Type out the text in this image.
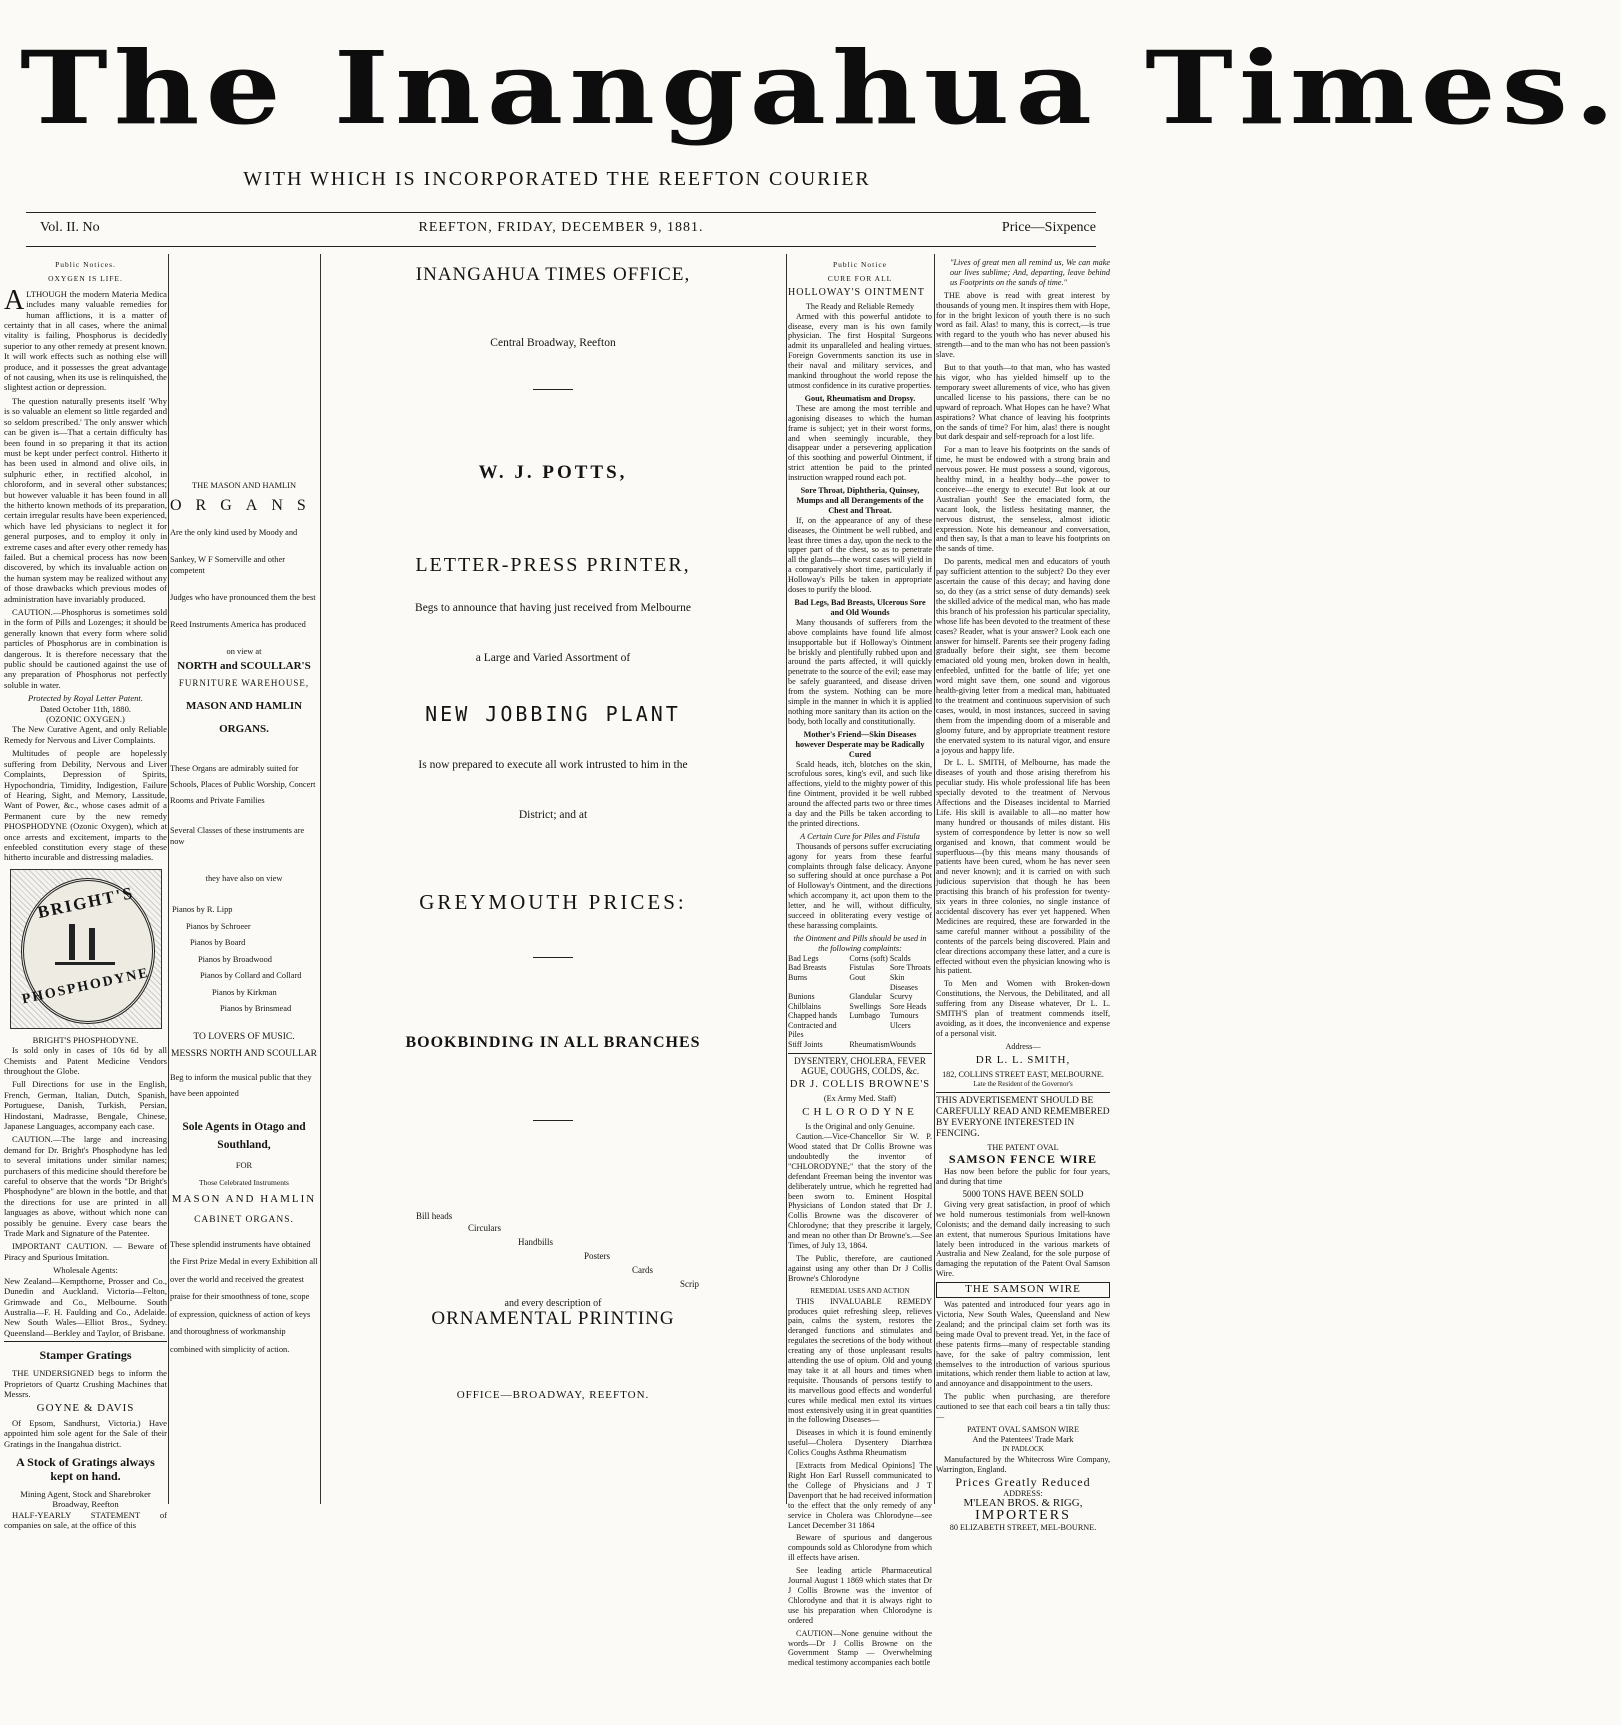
The Inangahua Times.
WITH WHICH IS INCORPORATED THE REEFTON COURIER
Vol. II. No	REEFTON, FRIDAY, DECEMBER 9, 1881.	Price—Sixpence
Public Notices.
OXYGEN IS LIFE.

ALTHOUGH the modern Materia Medica includes many valuable remedies for human afflictions, it is a matter of certainty that in all cases, where the animal vitality is failing, Phosphorus is decidedly superior to any other remedy at present known. It will work effects such as nothing else will produce, and it possesses the great advantage of not causing, when its use is relinquished, the slightest action or depression.

The question naturally presents itself 'Why is so valuable an element so little regarded and so seldom prescribed.' The only answer which can be given is—That a certain difficulty has been found in so preparing it that its action must be kept under perfect control. Hitherto it has been used in almond and olive oils, in sulphuric ether, in rectified alcohol, in chloroform, and in several other substances; but however valuable it has been found in all the hitherto known methods of its preparation, certain irregular results have been experienced, which have led physicians to neglect it for general purposes, and to employ it only in extreme cases and after every other remedy has failed. But a chemical process has now been discovered, by which its invaluable action on the human system may be realized without any of those drawbacks which previous modes of administration have invariably produced.

CAUTION.—Phosphorus is sometimes sold in the form of Pills and Lozenges; it should be generally known that every form where solid particles of Phosphorus are in combination is dangerous. It is therefore necessary that the public should be cautioned against the use of any preparation of Phosphorus not perfectly soluble in water.

Protected by Royal Letter Patent.
Dated October 11th, 1880.
(OZONIC OXYGEN.)

The New Curative Agent, and only Reliable Remedy for Nervous and Liver Complaints.

Multitudes of people are hopelessly suffering from Debility, Nervous and Liver Complaints, Depression of Spirits, Hypochondria, Timidity, Indigestion, Failure of Hearing, Sight, and Memory, Lassitude, Want of Power, &c., whose cases admit of a Permanent cure by the new remedy PHOSPHODYNE (Ozonic Oxygen), which at once arrests and excitement, imparts to the enfeebled constitution every stage of these hitherto incurable and distressing maladies.

BRIGHT'S
PHOSPHODYNE
BRIGHT'S PHOSPHODYNE.

Is sold only in cases of 10s 6d by all Chemists and Patent Medicine Vendors throughout the Globe.

Full Directions for use in the English, French, German, Italian, Dutch, Spanish, Portuguese, Danish, Turkish, Persian, Hindostani, Madrasse, Bengale, Chinese, Japanese Languages, accompany each case.

CAUTION.—The large and increasing demand for Dr. Bright's Phosphodyne has led to several imitations under similar names; purchasers of this medicine should therefore be careful to observe that the words "Dr Bright's Phosphodyne" are blown in the bottle, and that the directions for use are printed in all languages as above, without which none can possibly be genuine. Every case bears the Trade Mark and Signature of the Patentee.

IMPORTANT CAUTION. — Beware of Piracy and Spurious Imitation.

Wholesale Agents:

New Zealand—Kempthorne, Prosser and Co., Dunedin and Auckland. Victoria—Felton, Grimwade and Co., Melbourne. South Australia—F. H. Faulding and Co., Adelaide. New South Wales—Elliot Bros., Sydney. Queensland—Berkley and Taylor, of Brisbane.

Stamper Gratings

THE UNDERSIGNED begs to inform the Proprietors of Quartz Crushing Machines that Messrs.

GOYNE & DAVIS

Of Epsom, Sandhurst, Victoria.) Have appointed him sole agent for the Sale of their Gratings in the Inangahua district.

A Stock of Gratings always kept on hand.
Mining Agent, Stock and Sharebroker Broadway, Reefton

HALF-YEARLY STATEMENT of companies on sale, at the office of this

THE MASON AND HAMLIN
ORGANS
Are the only kind used by Moody and
Sankey, W F Somerville and other competent
Judges who have pronounced them the best
Reed Instruments America has produced
on view at
NORTH and SCOULLAR'S
FURNITURE WAREHOUSE,
MASON AND HAMLIN
ORGANS.
These Organs are admirably suited for Schools, Places of Public Worship, Concert Rooms and Private Families
Several Classes of these instruments are now
they have also on view
Pianos by R. Lipp
Pianos by Schroeer
Pianos by Board
Pianos by Broadwood
Pianos by Collard and Collard
Pianos by Kirkman
Pianos by Brinsmead
TO LOVERS OF MUSIC.
MESSRS NORTH AND SCOULLAR
Beg to inform the musical public that they have been appointed
Sole Agents in Otago and Southland,
FOR
Those Celebrated Instruments
MASON AND HAMLIN
CABINET ORGANS.
These splendid instruments have obtained the First Prize Medal in every Exhibition all over the world and received the greatest praise for their smoothness of tone, scope of expression, quickness of action of keys and thoroughness of workmanship combined with simplicity of action.
INANGAHUA TIMES OFFICE,
Central Broadway, Reefton
W. J. POTTS,
LETTER-PRESS PRINTER,
Begs to announce that having just received from Melbourne
a Large and Varied Assortment of
NEW JOBBING PLANT
Is now prepared to execute all work intrusted to him in the
District; and at
GREYMOUTH PRICES:
BOOKBINDING IN ALL BRANCHES
Bill heads
Circulars
Handbills
Posters
Cards
Scrip
and every description of
ORNAMENTAL PRINTING
OFFICE—BROADWAY, REEFTON.
Public Notice
CURE FOR ALL
HOLLOWAY'S OINTMENT
The Ready and Reliable Remedy

Armed with this powerful antidote to disease, every man is his own family physician. The first Hospital Surgeons admit its unparalleled and healing virtues. Foreign Governments sanction its use in their naval and military services, and mankind throughout the world repose the utmost confidence in its curative properties.

Gout, Rheumatism and Dropsy.

These are among the most terrible and agonising diseases to which the human frame is subject; yet in their worst forms, and when seemingly incurable, they disappear under a persevering application of this soothing and powerful Ointment, if strict attention be paid to the printed instruction wrapped round each pot.

Sore Throat, Diphtheria, Quinsey, Mumps and all Derangements of the Chest and Throat.

If, on the appearance of any of these diseases, the Ointment be well rubbed, and least three times a day, upon the neck to the upper part of the chest, so as to penetrate all the glands—the worst cases will yield in a comparatively short time, particularly if Holloway's Pills be taken in appropriate doses to purify the blood.

Bad Legs, Bad Breasts, Ulcerous Sore and Old Wounds

Many thousands of sufferers from the above complaints have found life almost insupportable but if Holloway's Ointment be briskly and plentifully rubbed upon and around the parts affected, it will quickly penetrate to the source of the evil; ease may be safely guaranteed, and disease driven from the system. Nothing can be more simple in the manner in which it is applied nothing more sanitary than its action on the body, both locally and constitutionally.

Mother's Friend—Skin Diseases however Desperate may be Radically Cured

Scald heads, itch, blotches on the skin, scrofulous sores, king's evil, and such like affections, yield to the mighty power of this fine Ointment, provided it be well rubbed around the affected parts two or three times a day and the Pills be taken according to the printed directions.

A Certain Cure for Piles and Fistula

Thousands of persons suffer excruciating agony for years from these fearful complaints through false delicacy. Anyone so suffering should at once purchase a Pot of Holloway's Ointment, and the directions which accompany it, act upon them to the letter, and he will, without difficulty, succeed in obliterating every vestige of these harassing complaints.

the Ointment and Pills should be used in the following complaints:
Bad Legs	Corns (soft)	Scalds
Bad Breasts	Fistulas	Sore Throats
Burns	Gout	Skin Diseases
Bunions	Glandular	Scurvy
Chilblains	Swellings	Sore Heads
Chapped hands	Lumbago	Tumours
Contracted and Piles		Ulcers
Stiff Joints	Rheumatism	Wounds
DYSENTERY, CHOLERA, FEVER AGUE, COUGHS, COLDS, &c.
DR J. COLLIS BROWNE'S
(Ex Army Med. Staff)
CHLORODYNE
Is the Original and only Genuine.

Caution.—Vice-Chancellor Sir W. P. Wood stated that Dr Collis Browne was undoubtedly the inventor of "CHLORODYNE;" that the story of the defendant Freeman being the inventor was deliberately untrue, which he regretted had been sworn to. Eminent Hospital Physicians of London stated that Dr J. Collis Browne was the discoverer of Chlorodyne; that they prescribe it largely, and mean no other than Dr Browne's.—See Times, of July 13, 1864.

The Public, therefore, are cautioned against using any other than Dr J Collis Browne's Chlorodyne

REMEDIAL USES AND ACTION

THIS INVALUABLE REMEDY produces quiet refreshing sleep, relieves pain, calms the system, restores the deranged functions and stimulates and regulates the secretions of the body without creating any of those unpleasant results attending the use of opium. Old and young may take it at all hours and times when requisite. Thousands of persons testify to its marvellous good effects and wonderful cures while medical men extol its virtues most extensively using it in great quantities in the following Diseases—

Diseases in which it is found eminently useful—Cholera Dysentery Diarrhœa Colics Coughs Asthma Rheumatism

[Extracts from Medical Opinions] The Right Hon Earl Russell communicated to the College of Physicians and J T Davenport that he had received information to the effect that the only remedy of any service in Cholera was Chlorodyne—see Lancet December 31 1864

Beware of spurious and dangerous compounds sold as Chlorodyne from which ill effects have arisen.

See leading article Pharmaceutical Journal August 1 1869 which states that Dr J Collis Browne was the inventor of Chlorodyne and that it is always right to use his preparation when Chlorodyne is ordered

CAUTION—None genuine without the words—Dr J Collis Browne on the Government Stamp — Overwhelming medical testimony accompanies each bottle

"Lives of great men all remind us, We can make our lives sublime; And, departing, leave behind us Footprints on the sands of time."

THE above is read with great interest by thousands of young men. It inspires them with Hope, for in the bright lexicon of youth there is no such word as fail. Alas! to many, this is correct,—is true with regard to the youth who has never abused his strength—and to the man who has not been passion's slave.

But to that youth—to that man, who has wasted his vigor, who has yielded himself up to the temporary sweet allurements of vice, who has given uncalled license to his passions, there can be no upward of reproach. What Hopes can he have? What aspirations? What chance of leaving his footprints on the sands of time? For him, alas! there is nought but dark despair and self-reproach for a lost life.

For a man to leave his footprints on the sands of time, he must be endowed with a strong brain and nervous power. He must possess a sound, vigorous, healthy mind, in a healthy body—the power to conceive—the energy to execute! But look at our Australian youth! See the emaciated form, the vacant look, the listless hesitating manner, the nervous distrust, the senseless, almost idiotic expression. Note his demeanour and conversation, and then say, Is that a man to leave his footprints on the sands of time.

Do parents, medical men and educators of youth pay sufficient attention to the subject? Do they ever ascertain the cause of this decay; and having done so, do they (as a strict sense of duty demands) seek the skilled advice of the medical man, who has made this branch of his profession his particular speciality, whose life has been devoted to the treatment of these cases? Reader, what is your answer? Look each one answer for himself. Parents see their progeny fading gradually before their sight, see them become emaciated old young men, broken down in health, enfeebled, unfitted for the battle of life; yet one word might save them, one sound and vigorous health-giving letter from a medical man, habituated to the treatment and continuous supervision of such cases, would, in most instances, succeed in saving them from the impending doom of a miserable and gloomy future, and by appropriate treatment restore the enervated system to its natural vigor, and ensure a joyous and happy life.

Dr L. L. SMITH, of Melbourne, has made the diseases of youth and those arising therefrom his peculiar study. His whole professional life has been specially devoted to the treatment of Nervous Affections and the Diseases incidental to Married Life. His skill is available to all—no matter how many hundred or thousands of miles distant. His system of correspondence by letter is now so well organised and known, that comment would be superfluous—(by this means many thousands of patients have been cured, whom he has never seen and never known); and it is carried on with such judicious supervision that though he has been practising this branch of his profession for twenty-six years in three colonies, no single instance of accidental discovery has ever yet happened. When Medicines are required, these are forwarded in the same careful manner without a possibility of the contents of the parcels being discovered. Plain and clear directions accompany these latter, and a cure is effected without even the physician knowing who is his patient.

To Men and Women with Broken-down Constitutions, the Nervous, the Debilitated, and all suffering from any Disease whatever, Dr L. L. SMITH'S plan of treatment commends itself, avoiding, as it does, the inconvenience and expense of a personal visit.

Address—
DR L. L. SMITH,
182, COLLINS STREET EAST, MELBOURNE.
Late the Resident of the Governor's
THIS ADVERTISEMENT SHOULD BE CAREFULLY READ AND REMEMBERED BY EVERYONE INTERESTED IN FENCING.
THE PATENT OVAL
SAMSON FENCE WIRE

Has now been before the public for four years, and during that time

5000 TONS HAVE BEEN SOLD

Giving very great satisfaction, in proof of which we hold numerous testimonials from well-known Colonists; and the demand daily increasing to such an extent, that numerous Spurious Imitations have lately been introduced in the various markets of Australia and New Zealand, for the sole purpose of damaging the reputation of the Patent Oval Samson Wire.

THE SAMSON WIRE

Was patented and introduced four years ago in Victoria, New South Wales, Queensland and New Zealand; and the principal claim set forth was its being made Oval to prevent tread. Yet, in the face of these patents firms—many of respectable standing have, for the sake of paltry commission, lent themselves to the introduction of various spurious imitations, which render them liable to action at law, and annoyance and disappointment to the users.

The public when purchasing, are therefore cautioned to see that each coil bears a tin tally thus:—

PATENT OVAL SAMSON WIRE
And the Patentees' Trade Mark
IN PADLOCK

Manufactured by the Whitecross Wire Company, Warrington, England.

Prices Greatly Reduced
ADDRESS:
M'LEAN BROS. & RIGG,
IMPORTERS
80 ELIZABETH STREET, MEL-BOURNE.
